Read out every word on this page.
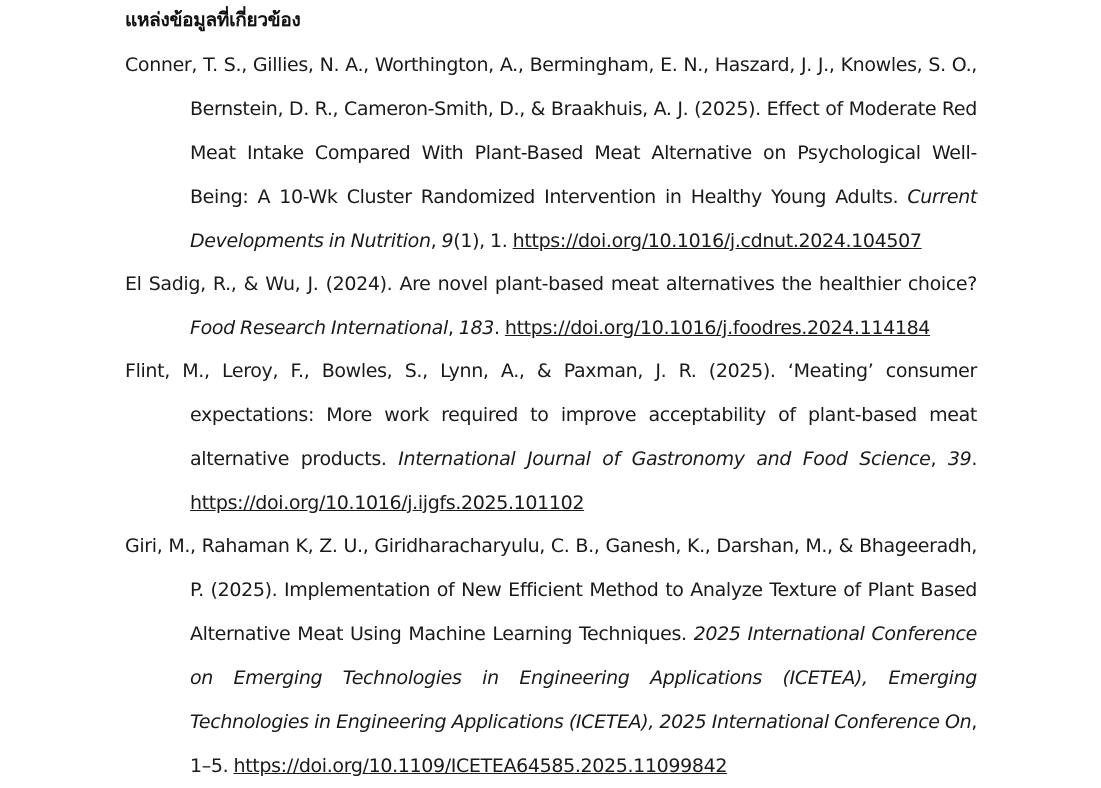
แหล่งข้อมูลที่เกี่ยวข้อง
Conner, T. S., Gillies, N. A., Worthington, A., Bermingham, E. N., Haszard, J. J., Knowles, S. O., Bernstein, D. R., Cameron-Smith, D., & Braakhuis, A. J. (2025). Effect of Moderate Red Meat Intake Compared With Plant-Based Meat Alternative on Psychological Well-Being: A 10-Wk Cluster Randomized Intervention in Healthy Young Adults. Current Developments in Nutrition, 9(1), 1. https://doi.org/10.1016/j.cdnut.2024.104507
El Sadig, R., & Wu, J. (2024). Are novel plant-based meat alternatives the healthier choice? Food Research International, 183. https://doi.org/10.1016/j.foodres.2024.114184
Flint, M., Leroy, F., Bowles, S., Lynn, A., & Paxman, J. R. (2025). ‘Meating’ consumer expectations: More work required to improve acceptability of plant-based meat alternative products. International Journal of Gastronomy and Food Science, 39. https://doi.org/10.1016/j.ijgfs.2025.101102
Giri, M., Rahaman K, Z. U., Giridharacharyulu, C. B., Ganesh, K., Darshan, M., & Bhageeradh, P. (2025). Implementation of New Efficient Method to Analyze Texture of Plant Based Alternative Meat Using Machine Learning Techniques. 2025 International Conference on Emerging Technologies in Engineering Applications (ICETEA), Emerging Technologies in Engineering Applications (ICETEA), 2025 International Conference On, 1–5. https://doi.org/10.1109/ICETEA64585.2025.11099842
